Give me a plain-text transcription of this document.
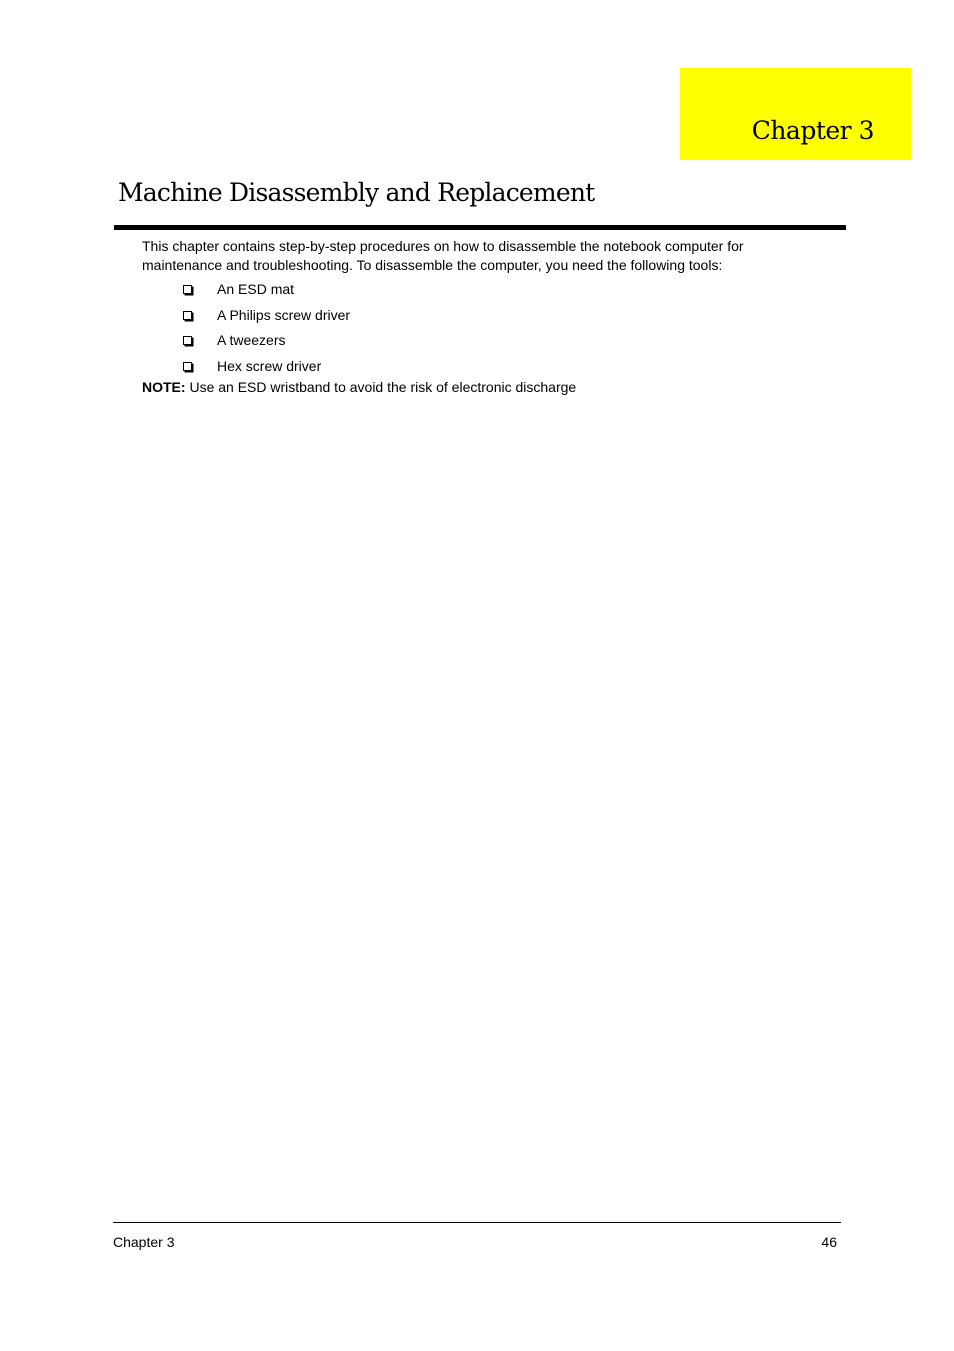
Chapter 3
Machine Disassembly and Replacement

This chapter contains step-by-step procedures on how to disassemble the notebook computer for maintenance and troubleshooting. To disassemble the computer, you need the following tools:

An ESD mat
A Philips screw driver
A tweezers
Hex screw driver

NOTE: Use an ESD wristband to avoid the risk of electronic discharge

Chapter 3	46
